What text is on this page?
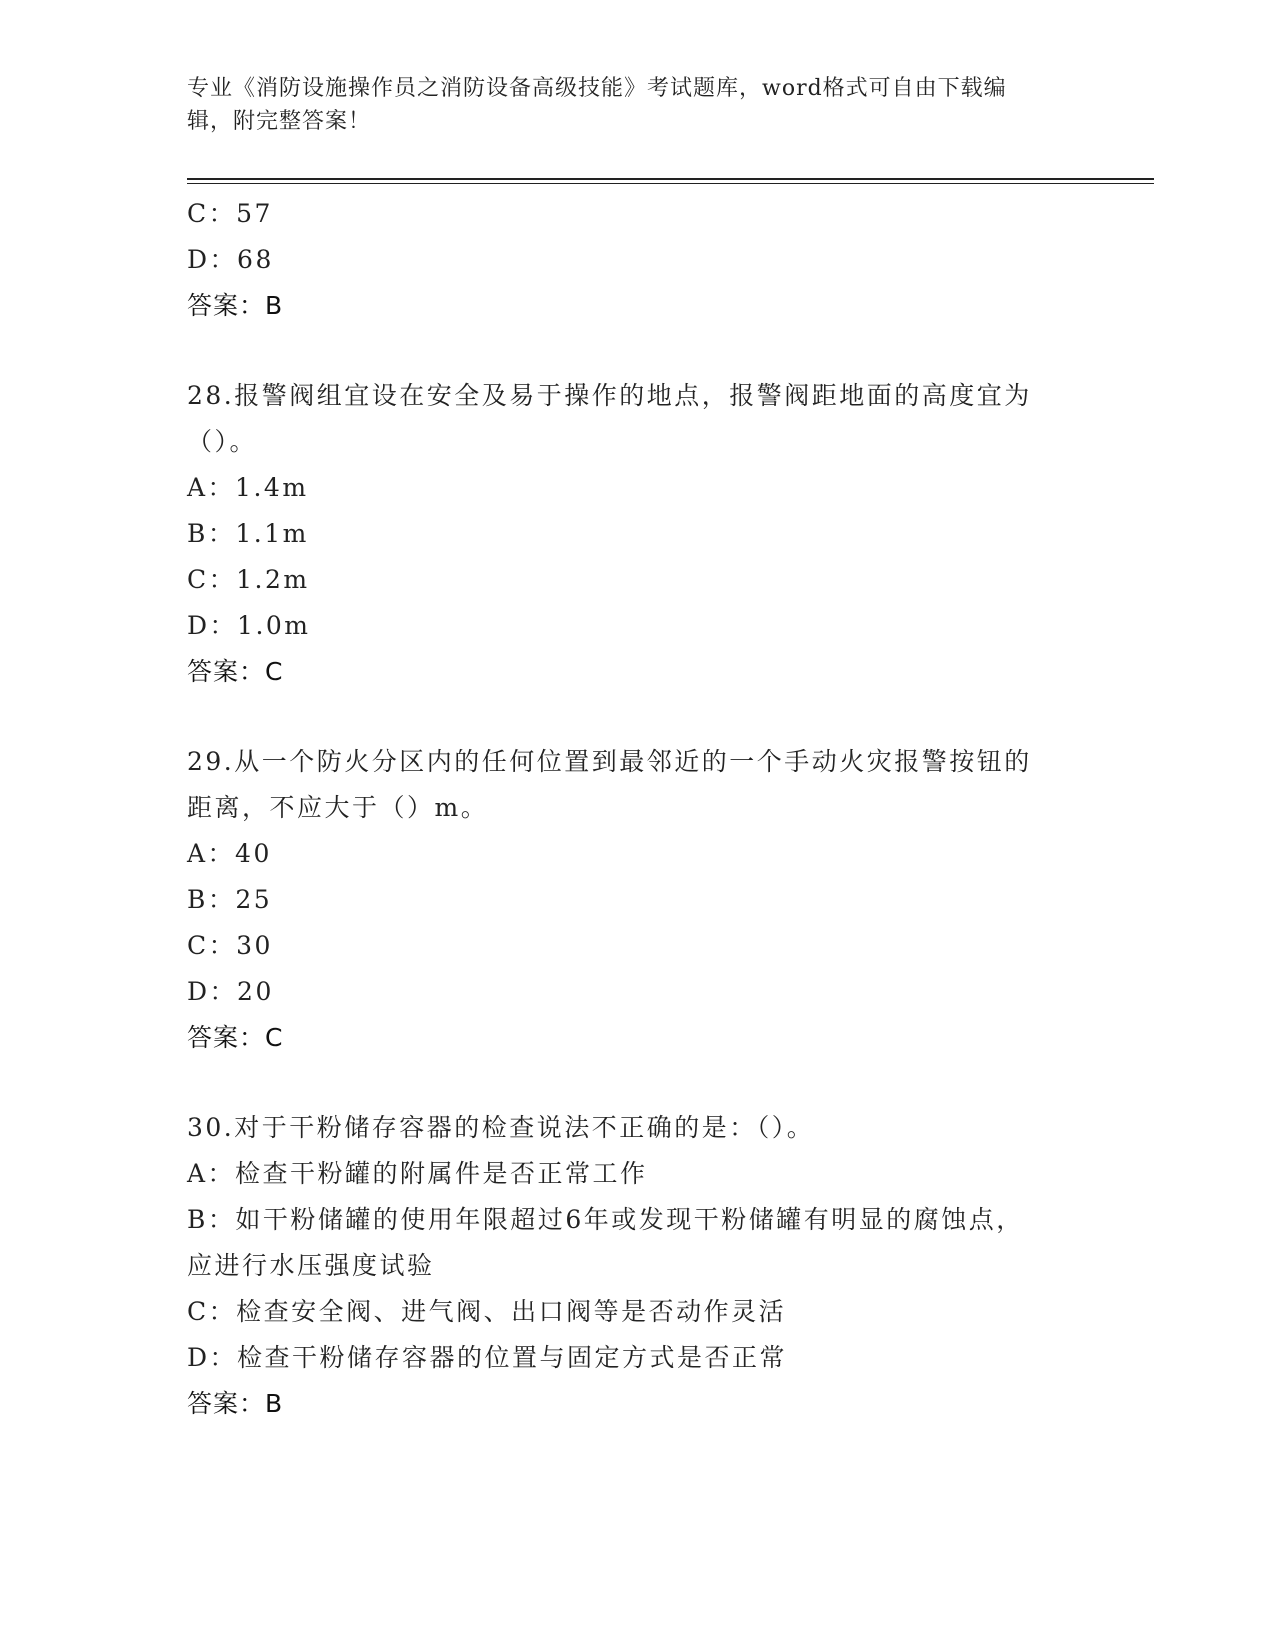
专业《消防设施操作员之消防设备高级技能》考试题库，word格式可自由下载编
辑，附完整答案！
C：57
D：68
答案：B
28.报警阀组宜设在安全及易于操作的地点，报警阀距地面的高度宜为
（）。
A：1.4m
B：1.1m
C：1.2m
D：1.0m
答案：C
29.从一个防火分区内的任何位置到最邻近的一个手动火灾报警按钮的
距离，不应大于（）m。
A：40
B：25
C：30
D：20
答案：C
30.对于干粉储存容器的检查说法不正确的是：（）。
A：检查干粉罐的附属件是否正常工作
B：如干粉储罐的使用年限超过6年或发现干粉储罐有明显的腐蚀点，
应进行水压强度试验
C：检查安全阀、进气阀、出口阀等是否动作灵活
D：检查干粉储存容器的位置与固定方式是否正常
答案：B
